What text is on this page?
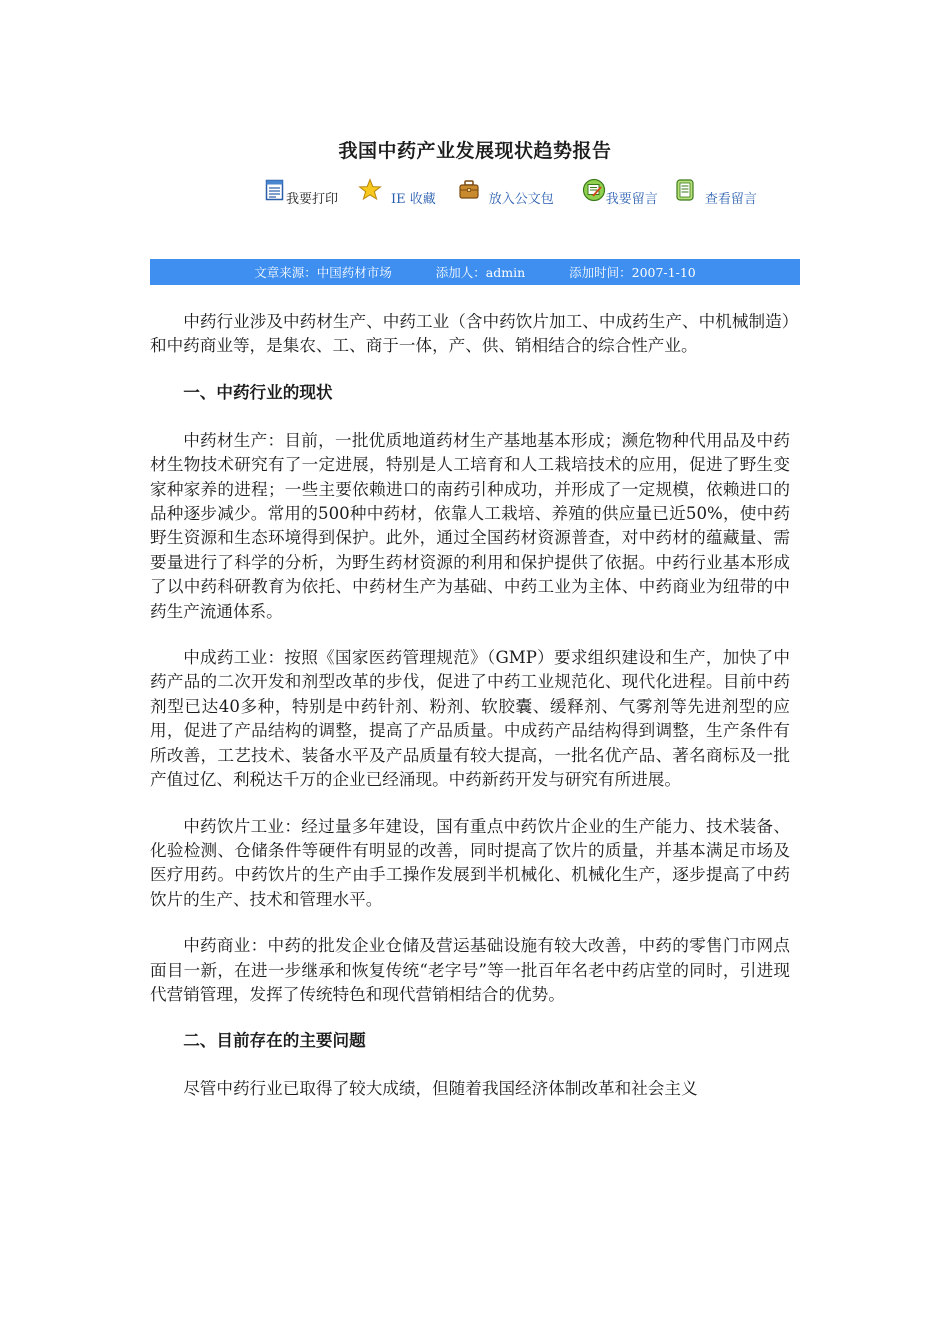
我国中药产业发展现状趋势报告
我要打印	IE 收藏	放入公文包	我要留言	查看留言
文章来源：中国药材市场	添加人：admin	添加时间：2007-1-10

中药行业涉及中药材生产、中药工业（含中药饮片加工、中成药生产、中机械制造）和中药商业等，是集农、工、商于一体，产、供、销相结合的综合性产业。

一、中药行业的现状

中药材生产：目前，一批优质地道药材生产基地基本形成；濒危物种代用品及中药材生物技术研究有了一定进展，特别是人工培育和人工栽培技术的应用，促进了野生变家种家养的进程；一些主要依赖进口的南药引种成功，并形成了一定规模，依赖进口的品种逐步减少。常用的500种中药材，依靠人工栽培、养殖的供应量已近50%，使中药野生资源和生态环境得到保护。此外，通过全国药材资源普查，对中药材的蕴藏量、需要量进行了科学的分析，为野生药材资源的利用和保护提供了依据。中药行业基本形成了以中药科研教育为依托、中药材生产为基础、中药工业为主体、中药商业为纽带的中药生产流通体系。

中成药工业：按照《国家医药管理规范》（GMP）要求组织建设和生产，加快了中药产品的二次开发和剂型改革的步伐，促进了中药工业规范化、现代化进程。目前中药剂型已达40多种，特别是中药针剂、粉剂、软胶囊、缓释剂、气雾剂等先进剂型的应用，促进了产品结构的调整，提高了产品质量。中成药产品结构得到调整，生产条件有所改善，工艺技术、装备水平及产品质量有较大提高，一批名优产品、著名商标及一批产值过亿、利税达千万的企业已经涌现。中药新药开发与研究有所进展。

中药饮片工业：经过量多年建设，国有重点中药饮片企业的生产能力、技术装备、化验检测、仓储条件等硬件有明显的改善，同时提高了饮片的质量，并基本满足市场及医疗用药。中药饮片的生产由手工操作发展到半机械化、机械化生产，逐步提高了中药饮片的生产、技术和管理水平。

中药商业：中药的批发企业仓储及营运基础设施有较大改善，中药的零售门市网点面目一新，在进一步继承和恢复传统“老字号”等一批百年名老中药店堂的同时，引进现代营销管理，发挥了传统特色和现代营销相结合的优势。

二、目前存在的主要问题

尽管中药行业已取得了较大成绩，但随着我国经济体制改革和社会主义
